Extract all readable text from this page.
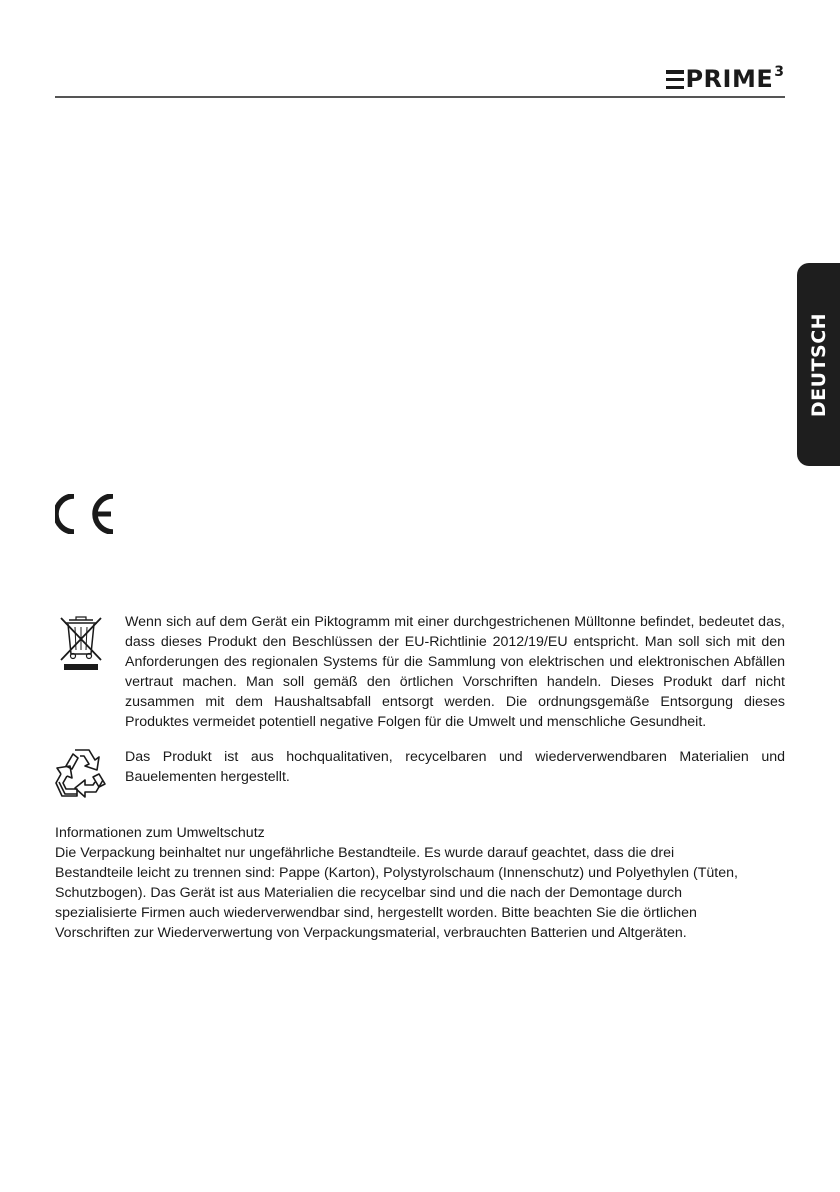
PRIME 3
DEUTSCH

Wenn sich auf dem Gerät ein Piktogramm mit einer durchgestrichenen Mülltonne befindet, bedeutet das, dass dieses Produkt den Beschlüssen der EU-Richtlinie 2012/19/EU entspricht. Man soll sich mit den Anforderungen des regionalen Systems für die Sammlung von elektrischen und elektronischen Abfällen vertraut machen. Man soll gemäß den örtlichen Vorschriften handeln. Dieses Produkt darf nicht zusammen mit dem Haushaltsabfall entsorgt werden. Die ordnungsgemäße Entsorgung dieses Produktes vermeidet potentiell negative Folgen für die Umwelt und menschliche Gesundheit.

Das Produkt ist aus hochqualitativen, recycelbaren und wiederverwendbaren Materialien und Bauelementen hergestellt.

Informationen zum Umweltschutz

Die Verpackung beinhaltet nur ungefährliche Bestandteile. Es wurde darauf geachtet, dass die drei

Bestandteile leicht zu trennen sind: Pappe (Karton), Polystyrolschaum (Innenschutz) und Polyethylen (Tüten,

Schutzbogen). Das Gerät ist aus Materialien die recycelbar sind und die nach der Demontage durch

spezialisierte Firmen auch wiederverwendbar sind, hergestellt worden. Bitte beachten Sie die örtlichen

Vorschriften zur Wiederverwertung von Verpackungsmaterial, verbrauchten Batterien und Altgeräten.
